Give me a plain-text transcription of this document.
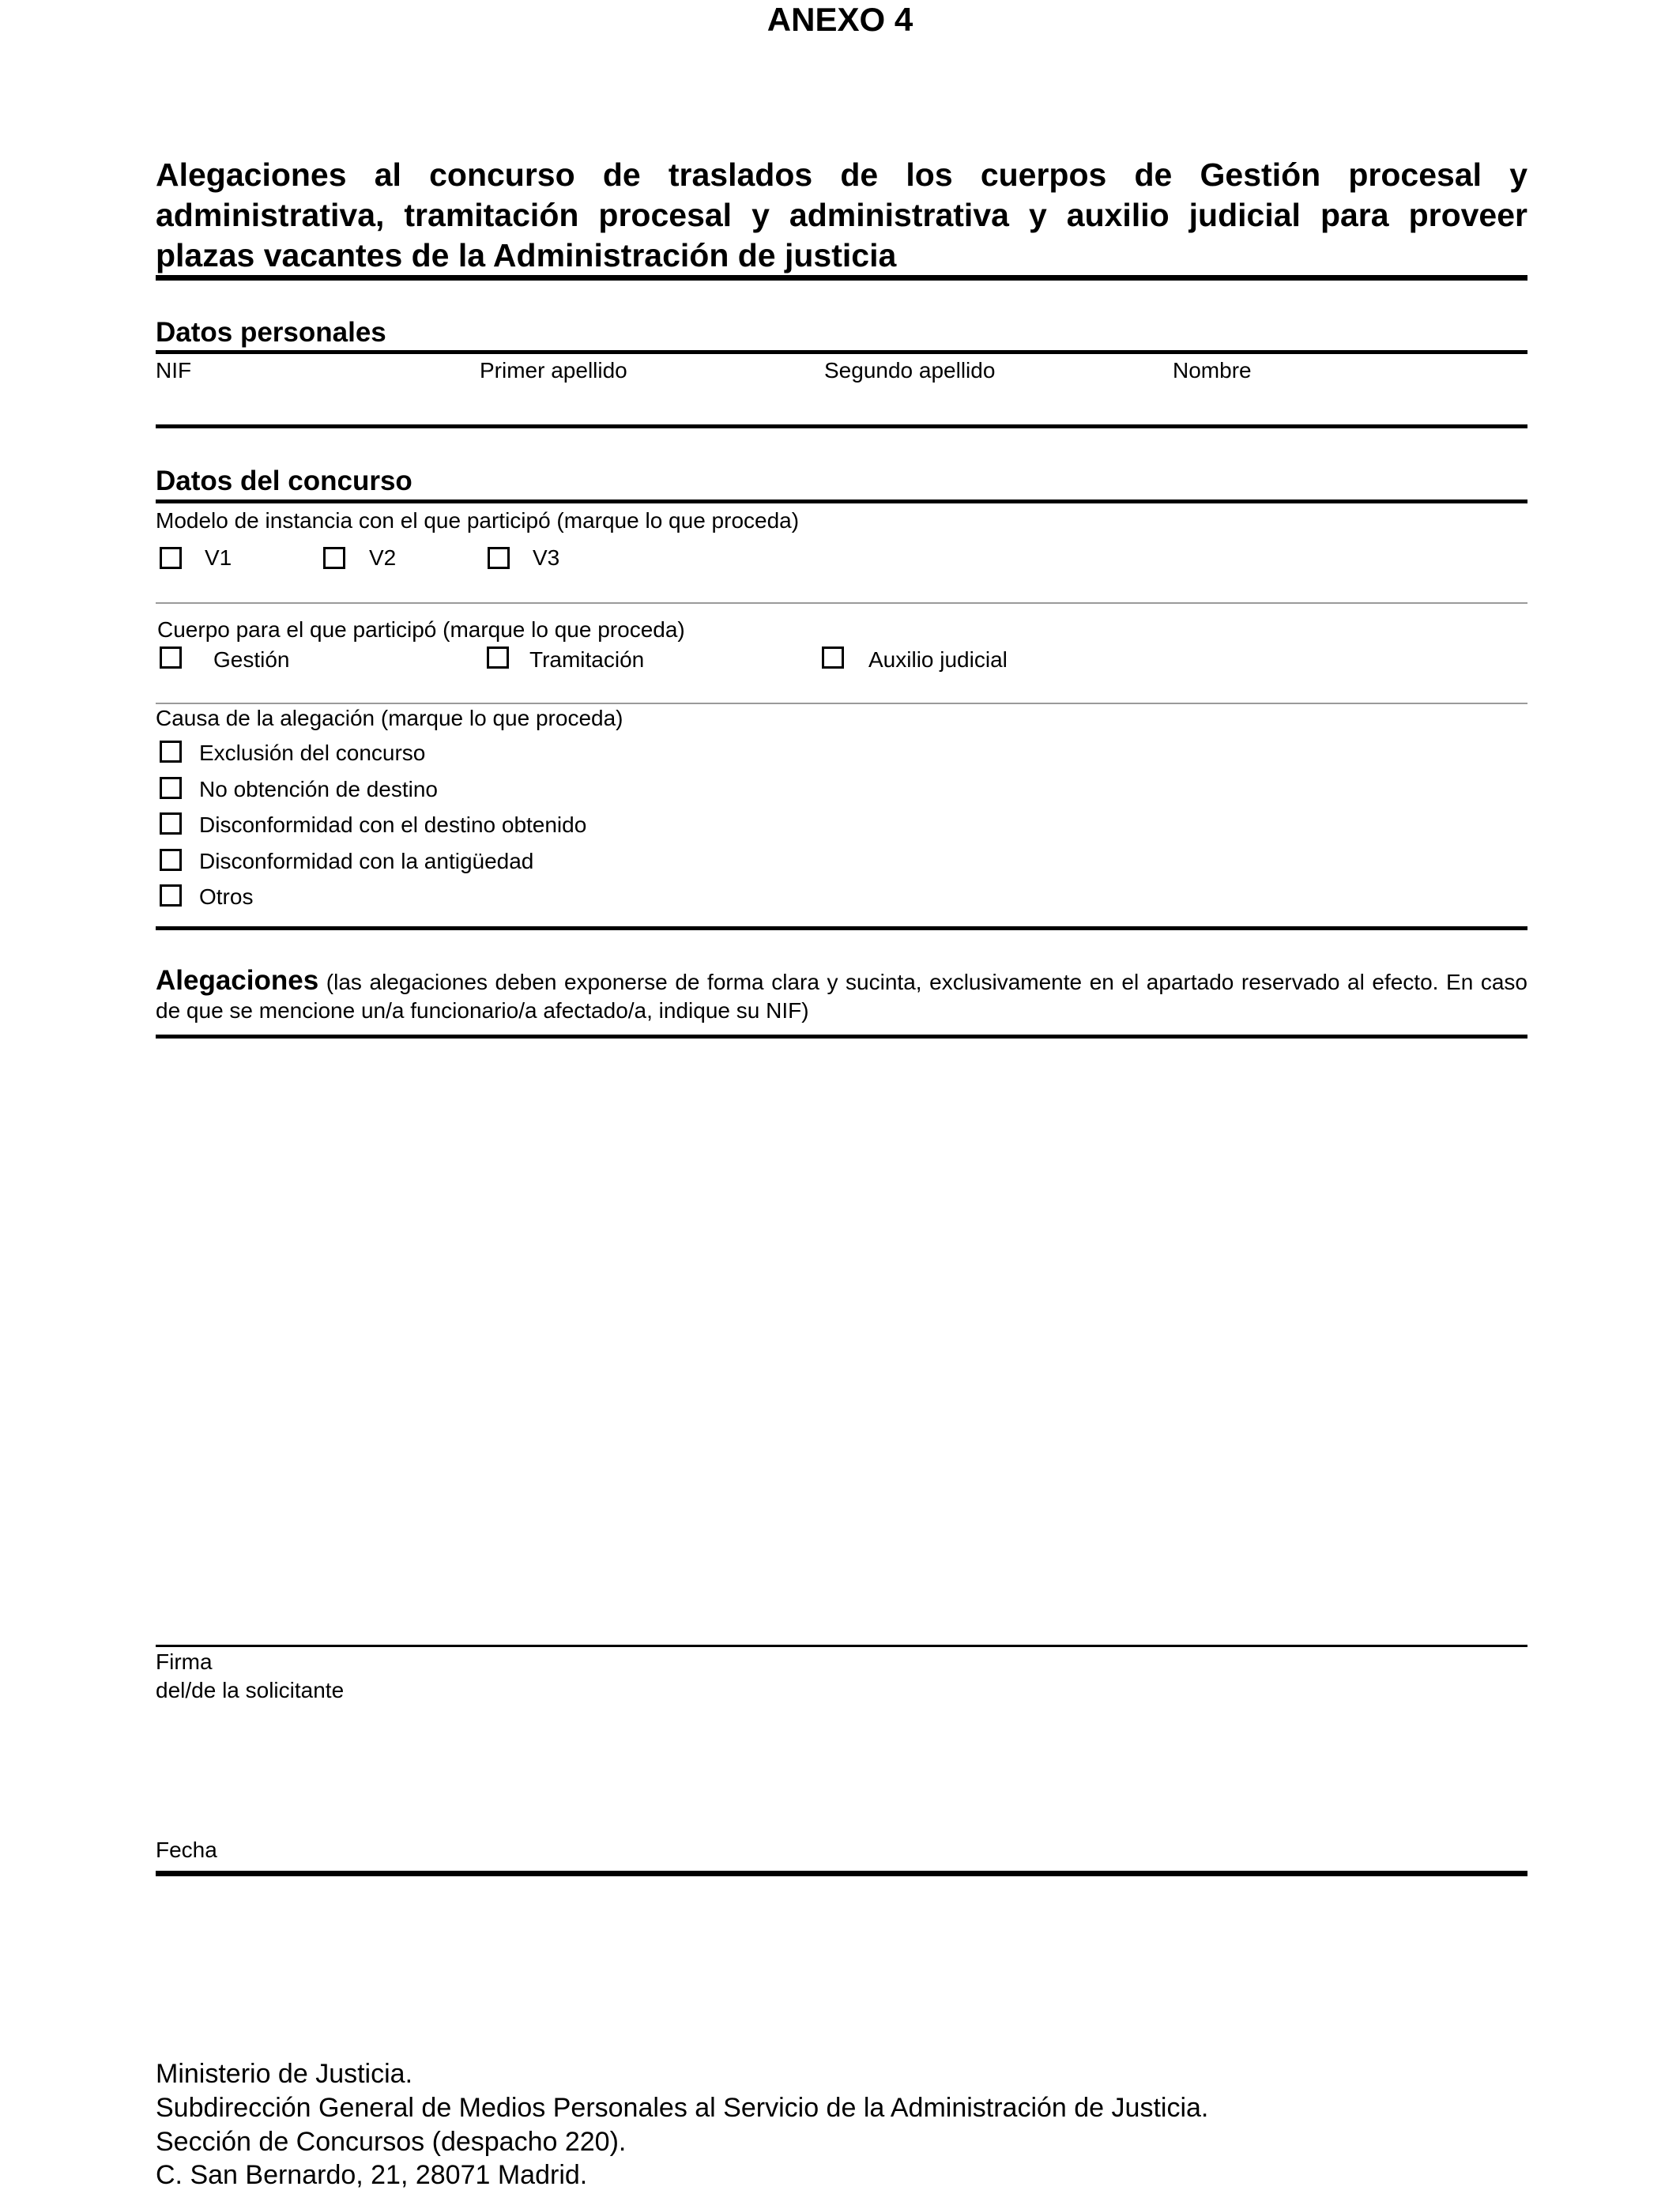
ANEXO 4
Alegaciones al concurso de traslados de los cuerpos de Gestión procesal y administrativa, tramitación procesal y administrativa y auxilio judicial para proveer plazas vacantes de la Administración de justicia
Datos personales
NIF	Primer apellido	Segundo apellido	Nombre
Datos del concurso
Modelo de instancia con el que participó (marque lo que proceda)
V1	V2	V3
Cuerpo para el que participó (marque lo que proceda)
Gestión	Tramitación	Auxilio judicial
Causa de la alegación (marque lo que proceda)
Exclusión del concurso
No obtención de destino
Disconformidad con el destino obtenido
Disconformidad con la antigüedad
Otros
Alegaciones (las alegaciones deben exponerse de forma clara y sucinta, exclusivamente en el apartado reservado al efecto. En caso de que se mencione un/a funcionario/a afectado/a, indique su NIF)
Firma
del/de la solicitante
Fecha
Ministerio de Justicia.
Subdirección General de Medios Personales al Servicio de la Administración de Justicia.
Sección de Concursos (despacho 220).
C. San Bernardo, 21, 28071 Madrid.
